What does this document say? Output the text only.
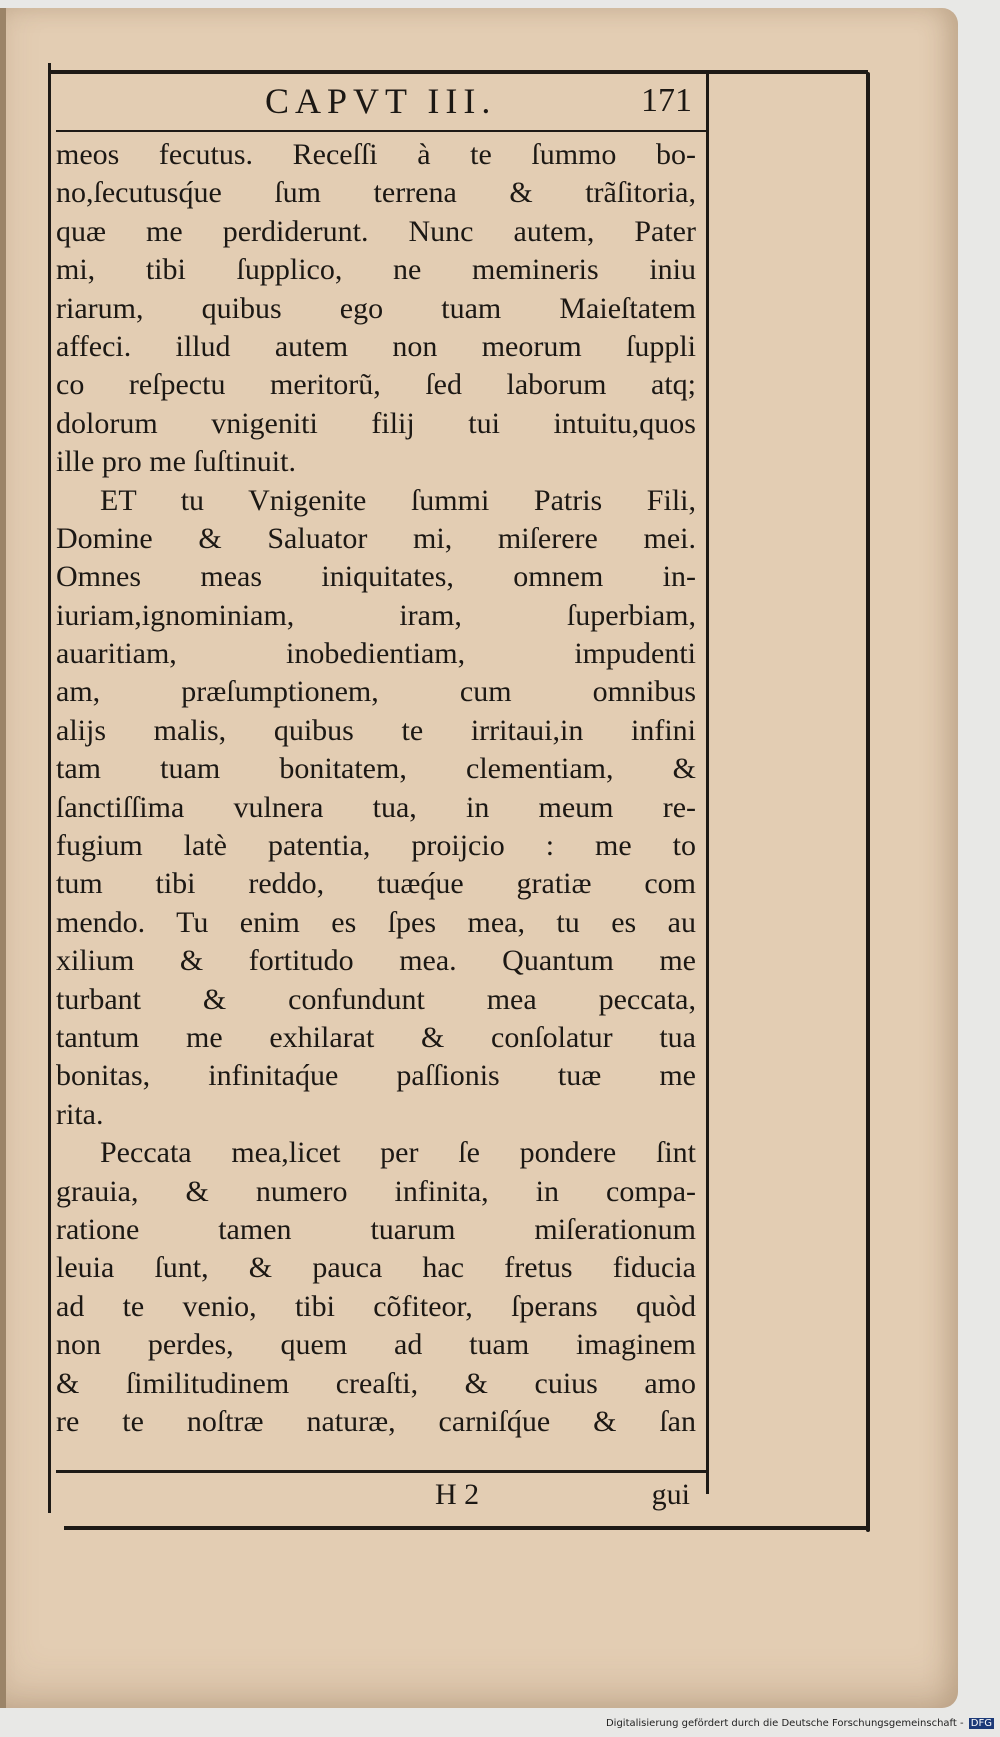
CAPVT III.	171
meos fecutus. Receſſi à te ſummo bo-
no,ſecutusq́ue ſum terrena & trãſitoria,
quæ me perdiderunt. Nunc autem, Pater
mi, tibi ſupplico, ne memineris iniu
riarum, quibus ego tuam Maieſtatem
affeci. illud autem non meorum ſuppli
co reſpectu meritorũ, ſed laborum atq;
dolorum vnigeniti filij tui intuitu,quos
ille pro me ſuſtinuit.
ET tu Vnigenite ſummi Patris Fili,
Domine & Saluator mi, miſerere mei.
Omnes meas iniquitates, omnem in-
iuriam,ignominiam, iram, ſuperbiam,
auaritiam, inobedientiam, impudenti
am, præſumptionem, cum omnibus
alijs malis, quibus te irritaui,in infini
tam tuam bonitatem, clementiam, &
ſanctiſſima vulnera tua, in meum re-
fugium latè patentia, proijcio : me to
tum tibi reddo, tuæq́ue gratiæ com
mendo. Tu enim es ſpes mea, tu es au
xilium & fortitudo mea. Quantum me
turbant & confundunt mea peccata,
tantum me exhilarat & conſolatur tua
bonitas, infinitaq́ue paſſionis tuæ me
rita.
Peccata mea,licet per ſe pondere ſint
grauia, & numero infinita, in compa-
ratione tamen tuarum miſerationum
leuia ſunt, & pauca hac fretus fiducia
ad te venio, tibi cõfiteor, ſperans quòd
non perdes, quem ad tuam imaginem
& ſimilitudinem creaſti, & cuius amo
re te noſtræ naturæ, carniſq́ue & ſan
H 2	gui
Digitalisierung gefördert durch die Deutsche Forschungsgemeinschaft - DFG
